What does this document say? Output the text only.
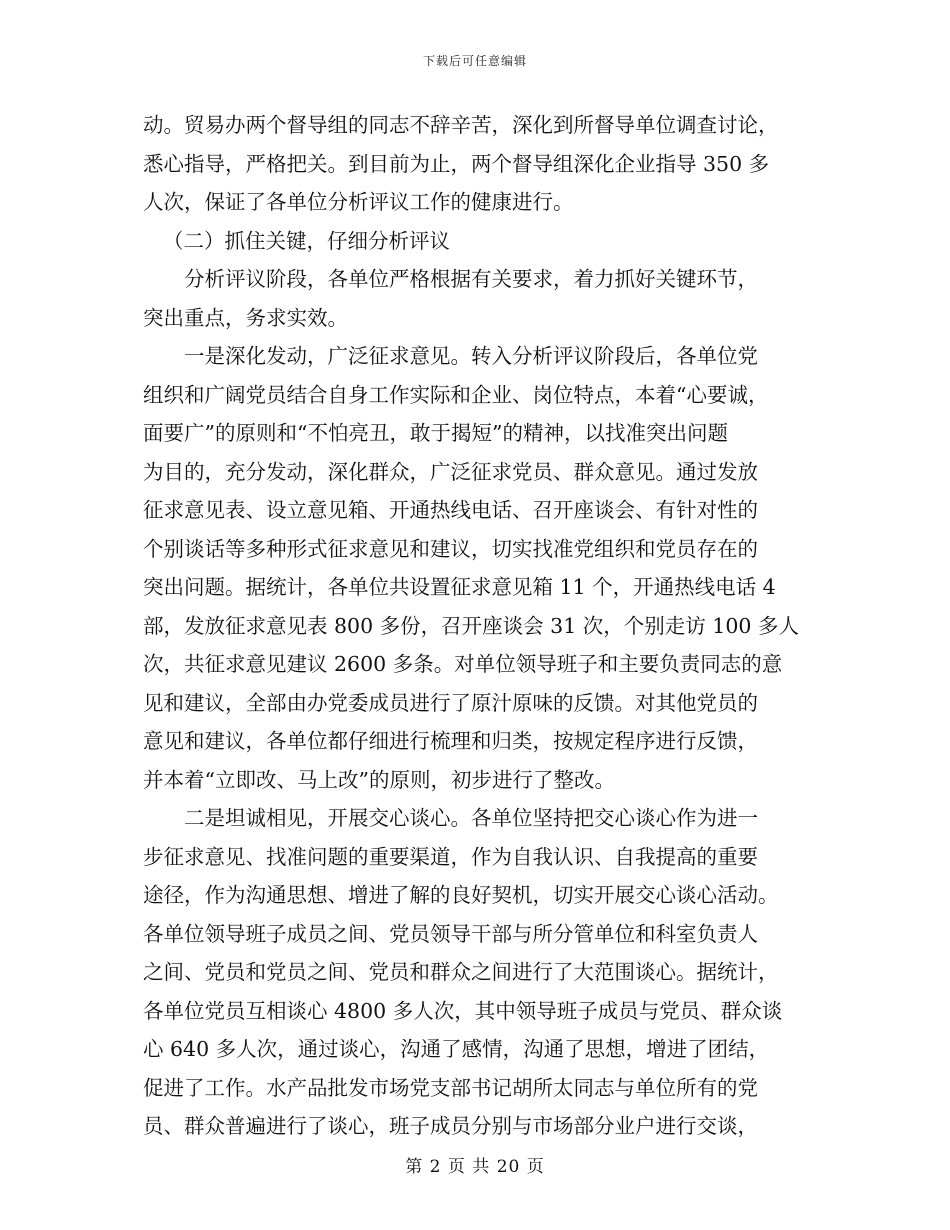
下载后可任意编辑
动。贸易办两个督导组的同志不辞辛苦，深化到所督导单位调查讨论，
悉心指导，严格把关。到目前为止，两个督导组深化企业指导 350 多
人次，保证了各单位分析评议工作的健康进行。
（二）抓住关键，仔细分析评议
分析评议阶段，各单位严格根据有关要求，着力抓好关键环节，
突出重点，务求实效。
一是深化发动，广泛征求意见。转入分析评议阶段后，各单位党
组织和广阔党员结合自身工作实际和企业、岗位特点，本着“心要诚，
面要广”的原则和“不怕亮丑，敢于揭短”的精神，以找准突出问题
为目的，充分发动，深化群众，广泛征求党员、群众意见。通过发放
征求意见表、设立意见箱、开通热线电话、召开座谈会、有针对性的
个别谈话等多种形式征求意见和建议，切实找准党组织和党员存在的
突出问题。据统计，各单位共设置征求意见箱 11 个，开通热线电话 4
部，发放征求意见表 800 多份，召开座谈会 31 次，个别走访 100 多人
次，共征求意见建议 2600 多条。对单位领导班子和主要负责同志的意
见和建议，全部由办党委成员进行了原汁原味的反馈。对其他党员的
意见和建议，各单位都仔细进行梳理和归类，按规定程序进行反馈，
并本着“立即改、马上改”的原则，初步进行了整改。
二是坦诚相见，开展交心谈心。各单位坚持把交心谈心作为进一
步征求意见、找准问题的重要渠道，作为自我认识、自我提高的重要
途径，作为沟通思想、增进了解的良好契机，切实开展交心谈心活动。
各单位领导班子成员之间、党员领导干部与所分管单位和科室负责人
之间、党员和党员之间、党员和群众之间进行了大范围谈心。据统计，
各单位党员互相谈心 4800 多人次，其中领导班子成员与党员、群众谈
心 640 多人次，通过谈心，沟通了感情，沟通了思想，增进了团结，
促进了工作。水产品批发市场党支部书记胡所太同志与单位所有的党
员、群众普遍进行了谈心，班子成员分别与市场部分业户进行交谈，
第 2 页 共 20 页
